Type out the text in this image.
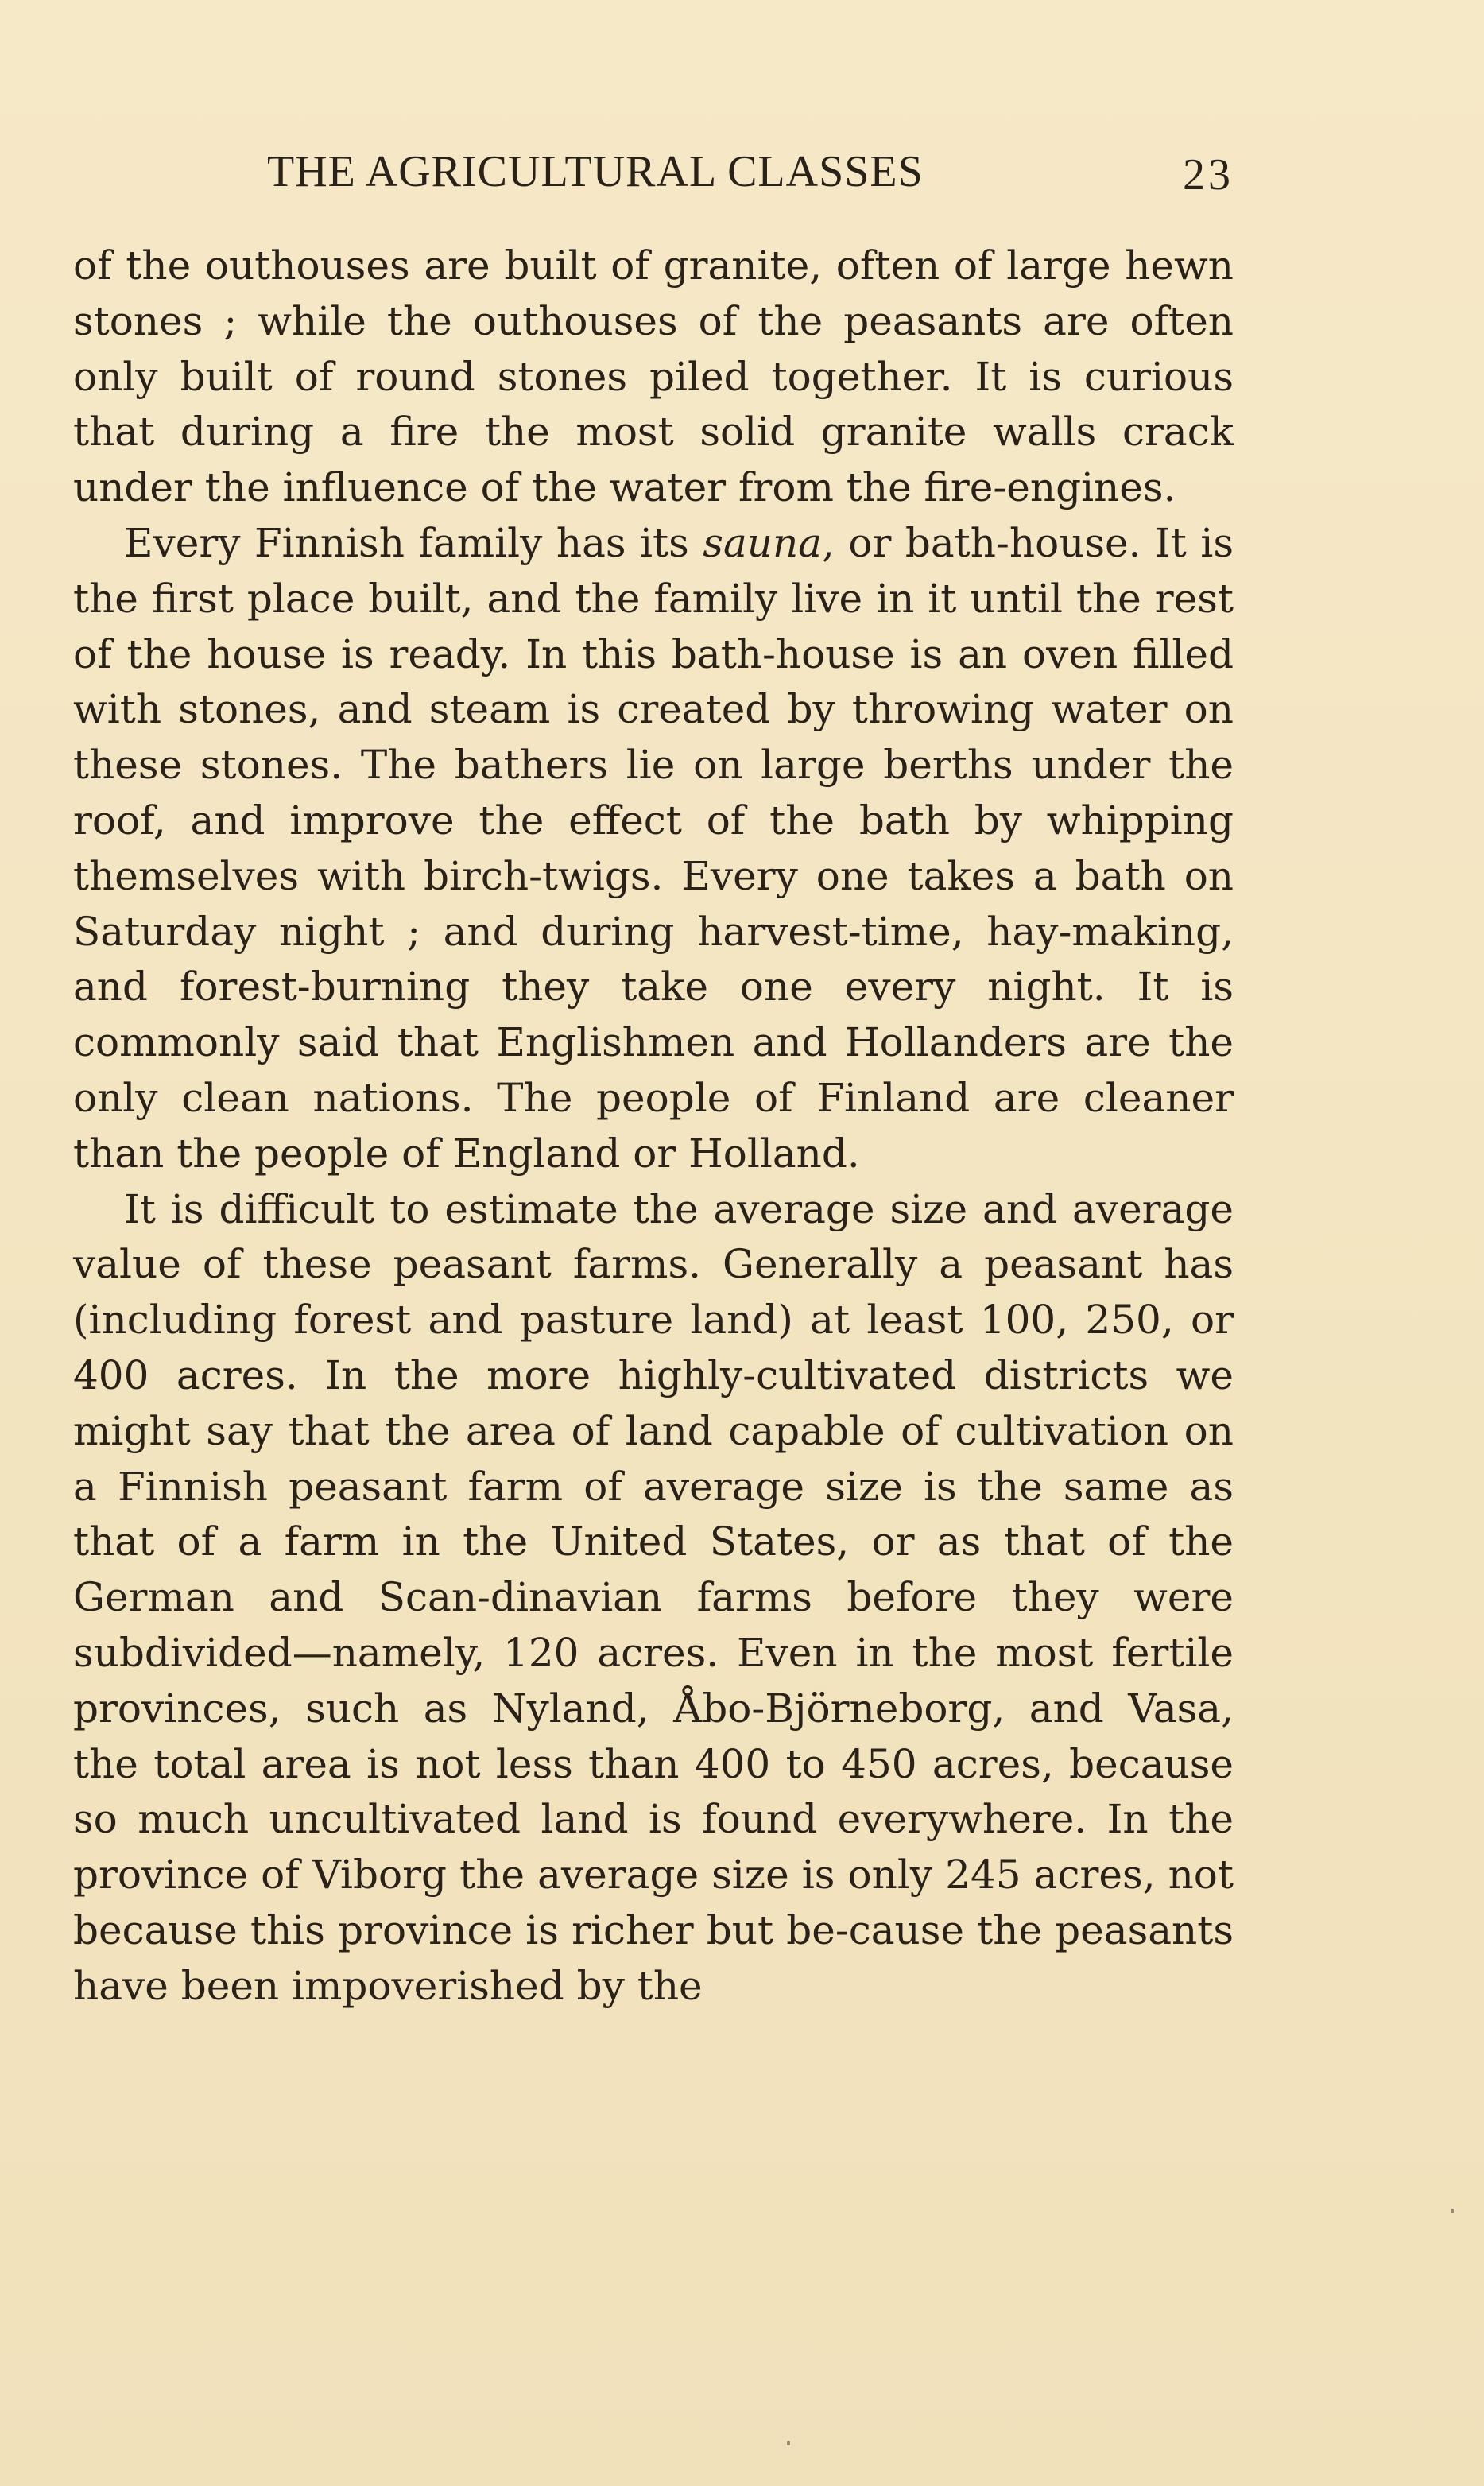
THE AGRICULTURAL CLASSES	23

of the outhouses are built of granite, often of large hewn stones ; while the outhouses of the peasants are often only built of round stones piled together. It is curious that during a fire the most solid granite walls crack under the influence of the water from the fire-engines.

Every Finnish family has its sauna, or bath-house. It is the first place built, and the family live in it until the rest of the house is ready. In this bath-house is an oven filled with stones, and steam is created by throwing water on these stones. The bathers lie on large berths under the roof, and improve the effect of the bath by whipping themselves with birch-twigs. Every one takes a bath on Saturday night ; and during harvest-time, hay-making, and forest-burning they take one every night. It is commonly said that Englishmen and Hollanders are the only clean nations. The people of Finland are cleaner than the people of England or Holland.

It is difficult to estimate the average size and average value of these peasant farms. Generally a peasant has (including forest and pasture land) at least 100, 250, or 400 acres. In the more highly-cultivated districts we might say that the area of land capable of cultivation on a Finnish peasant farm of average size is the same as that of a farm in the United States, or as that of the German and Scan-dinavian farms before they were subdivided—namely, 120 acres. Even in the most fertile provinces, such as Nyland, Åbo-Björneborg, and Vasa, the total area is not less than 400 to 450 acres, because so much uncultivated land is found everywhere. In the province of Viborg the average size is only 245 acres, not because this province is richer but be-cause the peasants have been impoverished by the
